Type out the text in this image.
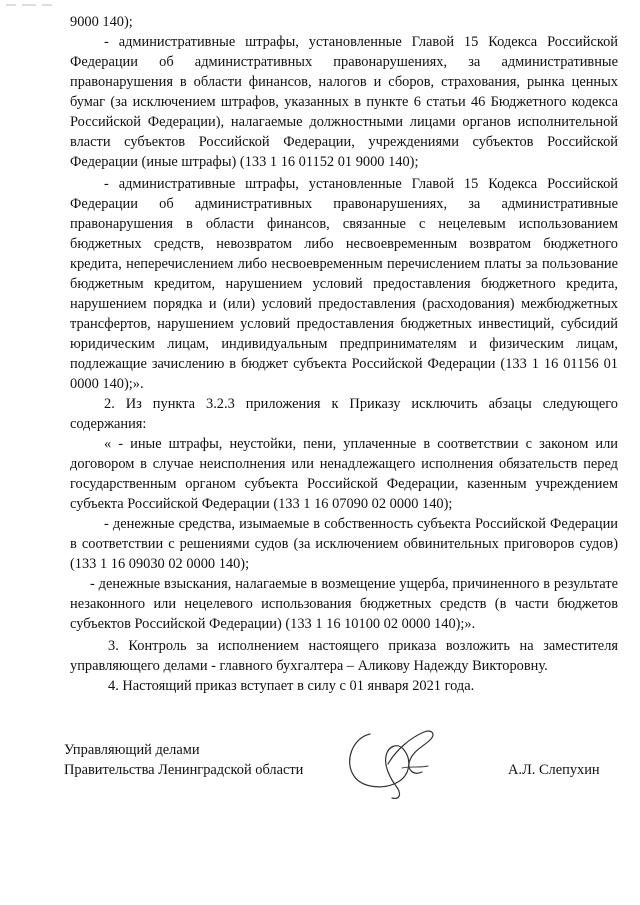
9000 140);

- административные штрафы, установленные Главой 15 Кодекса Российской Федерации об административных правонарушениях, за административные правонарушения в области финансов, налогов и сборов, страхования, рынка ценных бумаг (за исключением штрафов, указанных в пункте 6 статьи 46 Бюджетного кодекса Российской Федерации), налагаемые должностными лицами органов исполнительной власти субъектов Российской Федерации, учреждениями субъектов Российской Федерации (иные штрафы) (133 1 16 01152 01 9000 140);

- административные штрафы, установленные Главой 15 Кодекса Российской Федерации об административных правонарушениях, за административные правонарушения в области финансов, связанные с нецелевым использованием бюджетных средств, невозвратом либо несвоевременным возвратом бюджетного кредита, неперечислением либо несвоевременным перечислением платы за пользование бюджетным кредитом, нарушением условий предоставления бюджетного кредита, нарушением порядка и (или) условий предоставления (расходования) межбюджетных трансфертов, нарушением условий предоставления бюджетных инвестиций, субсидий юридическим лицам, индивидуальным предпринимателям и физическим лицам, подлежащие зачислению в бюджет субъекта Российской Федерации (133 1 16 01156 01 0000 140);».

2. Из пункта 3.2.3 приложения к Приказу исключить абзацы следующего содержания:

« - иные штрафы, неустойки, пени, уплаченные в соответствии с законом или договором в случае неисполнения или ненадлежащего исполнения обязательств перед государственным органом субъекта Российской Федерации, казенным учреждением субъекта Российской Федерации (133 1 16 07090 02 0000 140);

- денежные средства, изымаемые в собственность субъекта Российской Федерации в соответствии с решениями судов (за исключением обвинительных приговоров судов) (133 1 16 09030 02 0000 140);

- денежные взыскания, налагаемые в возмещение ущерба, причиненного в результате незаконного или нецелевого использования бюджетных средств (в части бюджетов субъектов Российской Федерации) (133 1 16 10100 02 0000 140);».

3. Контроль за исполнением настоящего приказа возложить на заместителя управляющего делами - главного бухгалтера – Аликову Надежду Викторовну.

4. Настоящий приказ вступает в силу с 01 января 2021 года.

Управляющий делами
Правительства Ленинградской области	А.Л. Слепухин
